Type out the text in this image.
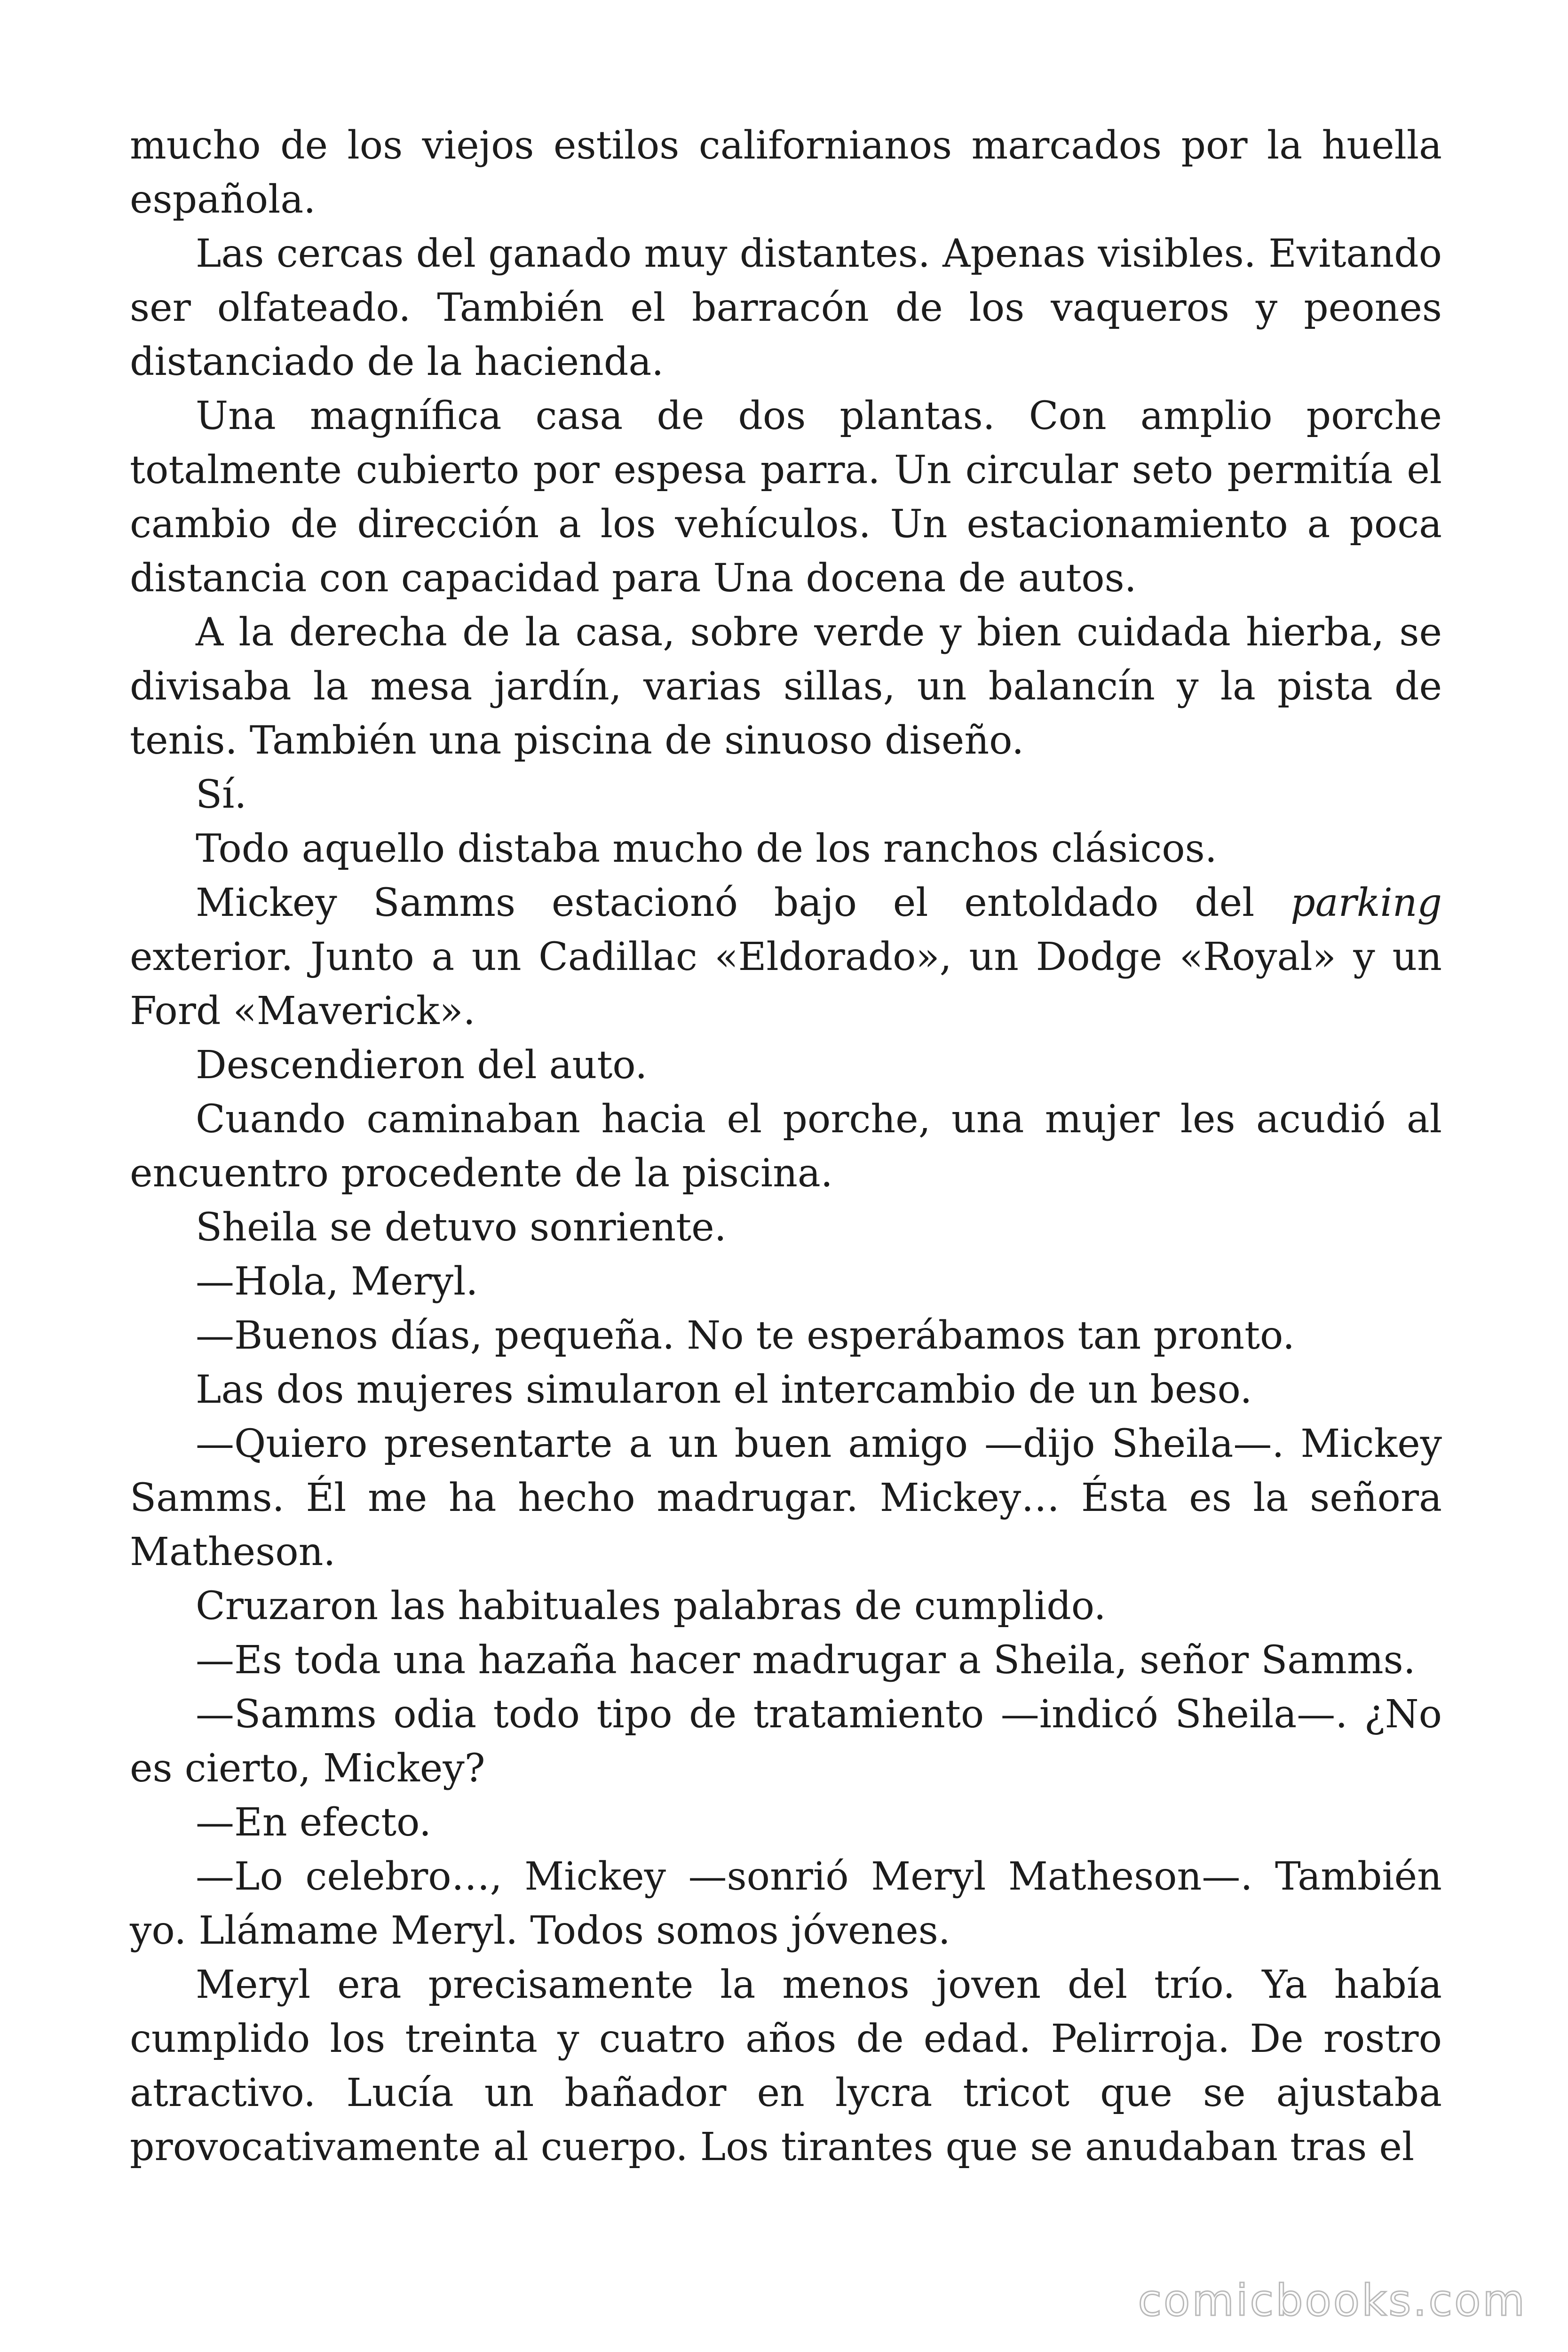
mucho de los viejos estilos californianos marcados por la huella española.

Las cercas del ganado muy distantes. Apenas visibles. Evitando ser olfateado. También el barracón de los vaqueros y peones distanciado de la hacienda.

Una magnífica casa de dos plantas. Con amplio porche totalmente cubierto por espesa parra. Un circular seto permitía el cambio de dirección a los vehículos. Un estacionamiento a poca distancia con capacidad para Una docena de autos.

A la derecha de la casa, sobre verde y bien cuidada hierba, se divisaba la mesa jardín, varias sillas, un balancín y la pista de tenis. También una piscina de sinuoso diseño.

Sí.

Todo aquello distaba mucho de los ranchos clásicos.

Mickey Samms estacionó bajo el entoldado del parking exterior. Junto a un Cadillac «Eldorado», un Dodge «Royal» y un Ford «Maverick».

Descendieron del auto.

Cuando caminaban hacia el porche, una mujer les acudió al encuentro procedente de la piscina.

Sheila se detuvo sonriente.

—Hola, Meryl.

—Buenos días, pequeña. No te esperábamos tan pronto.

Las dos mujeres simularon el intercambio de un beso.

—Quiero presentarte a un buen amigo —dijo Sheila—. Mickey Samms. Él me ha hecho madrugar. Mickey… Ésta es la señora Matheson.

Cruzaron las habituales palabras de cumplido.

—Es toda una hazaña hacer madrugar a Sheila, señor Samms.

—Samms odia todo tipo de tratamiento —indicó Sheila—. ¿No es cierto, Mickey?

—En efecto.

—Lo celebro…, Mickey —sonrió Meryl Matheson—. También yo. Llámame Meryl. Todos somos jóvenes.

Meryl era precisamente la menos joven del trío. Ya había cumplido los treinta y cuatro años de edad. Pelirroja. De rostro atractivo. Lucía un bañador en lycra tricot que se ajustaba provocativamente al cuerpo. Los tirantes que se anudaban tras el

comicbooks.com
